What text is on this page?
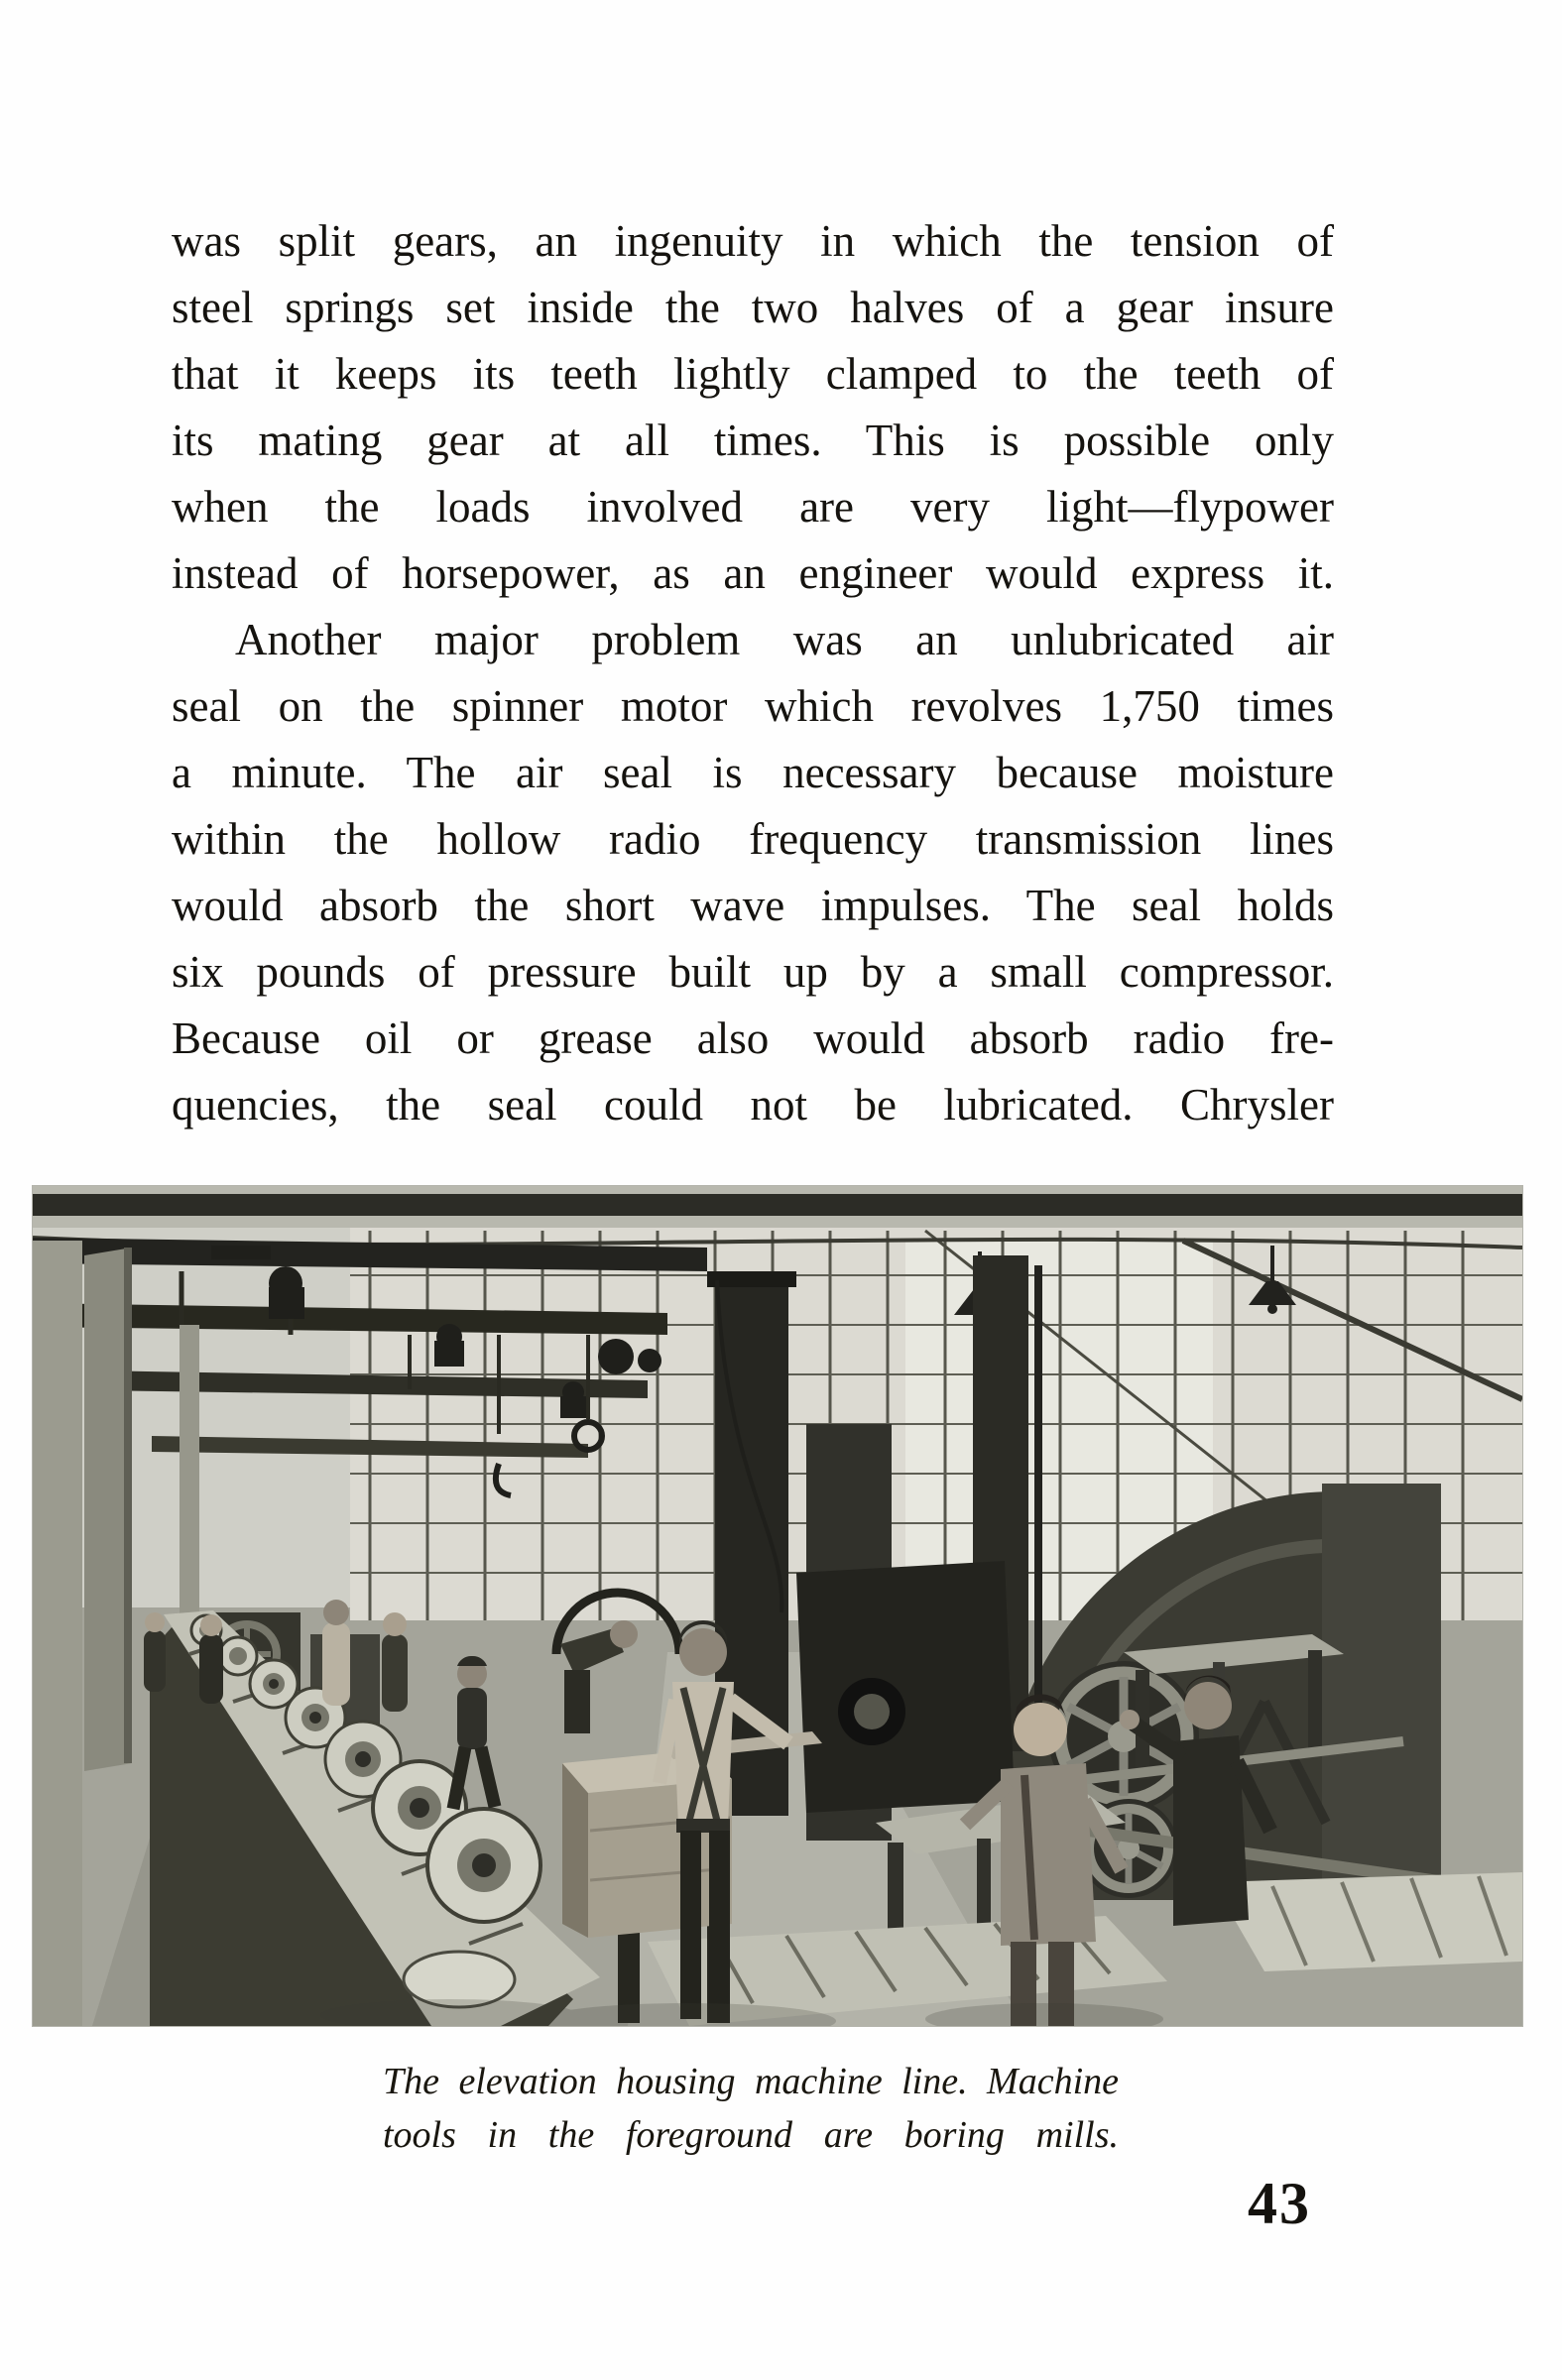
was split gears, an ingenuity in which the tension of
steel springs set inside the two halves of a gear insure
that it keeps its teeth lightly clamped to the teeth of
its mating gear at all times. This is possible only
when the loads involved are very light—flypower
instead of horsepower, as an engineer would express it.
Another major problem was an unlubricated air
seal on the spinner motor which revolves 1,750 times
a minute. The air seal is necessary because moisture
within the hollow radio frequency transmission lines
would absorb the short wave impulses. The seal holds
six pounds of pressure built up by a small compressor.
Because oil or grease also would absorb radio fre-
quencies, the seal could not be lubricated. Chrysler
The elevation housing machine line. Machine
tools in the foreground are boring mills.
43
